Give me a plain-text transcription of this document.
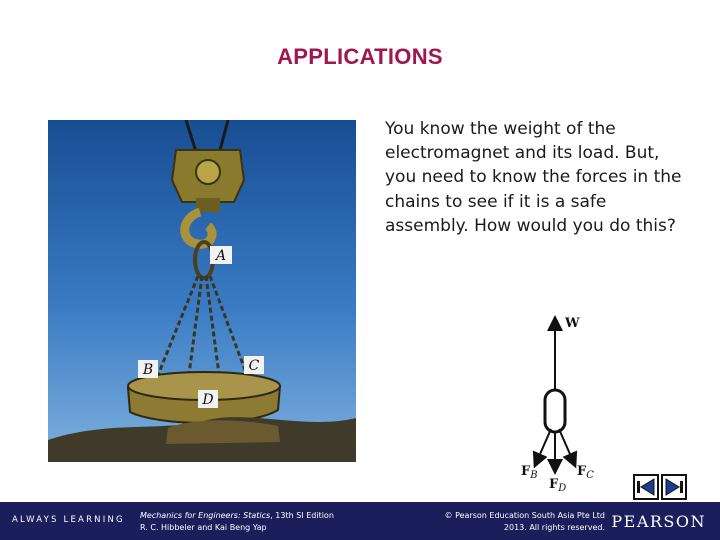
APPLICATIONS
A
B	C
D
You know the weight of the electromagnet and its load. But, you need to know the forces in the chains to see if it is a safe assembly. How would you do this?
W
$F_B$	$F_C$
$F_D$
ALWAYS LEARNING Mechanics for Engineers: Statics, 13th SI Edition
R. C. Hibbeler and Kai Beng Yap
© Pearson Education South Asia Pte Ltd
2013. All rights reserved. PEARSON
